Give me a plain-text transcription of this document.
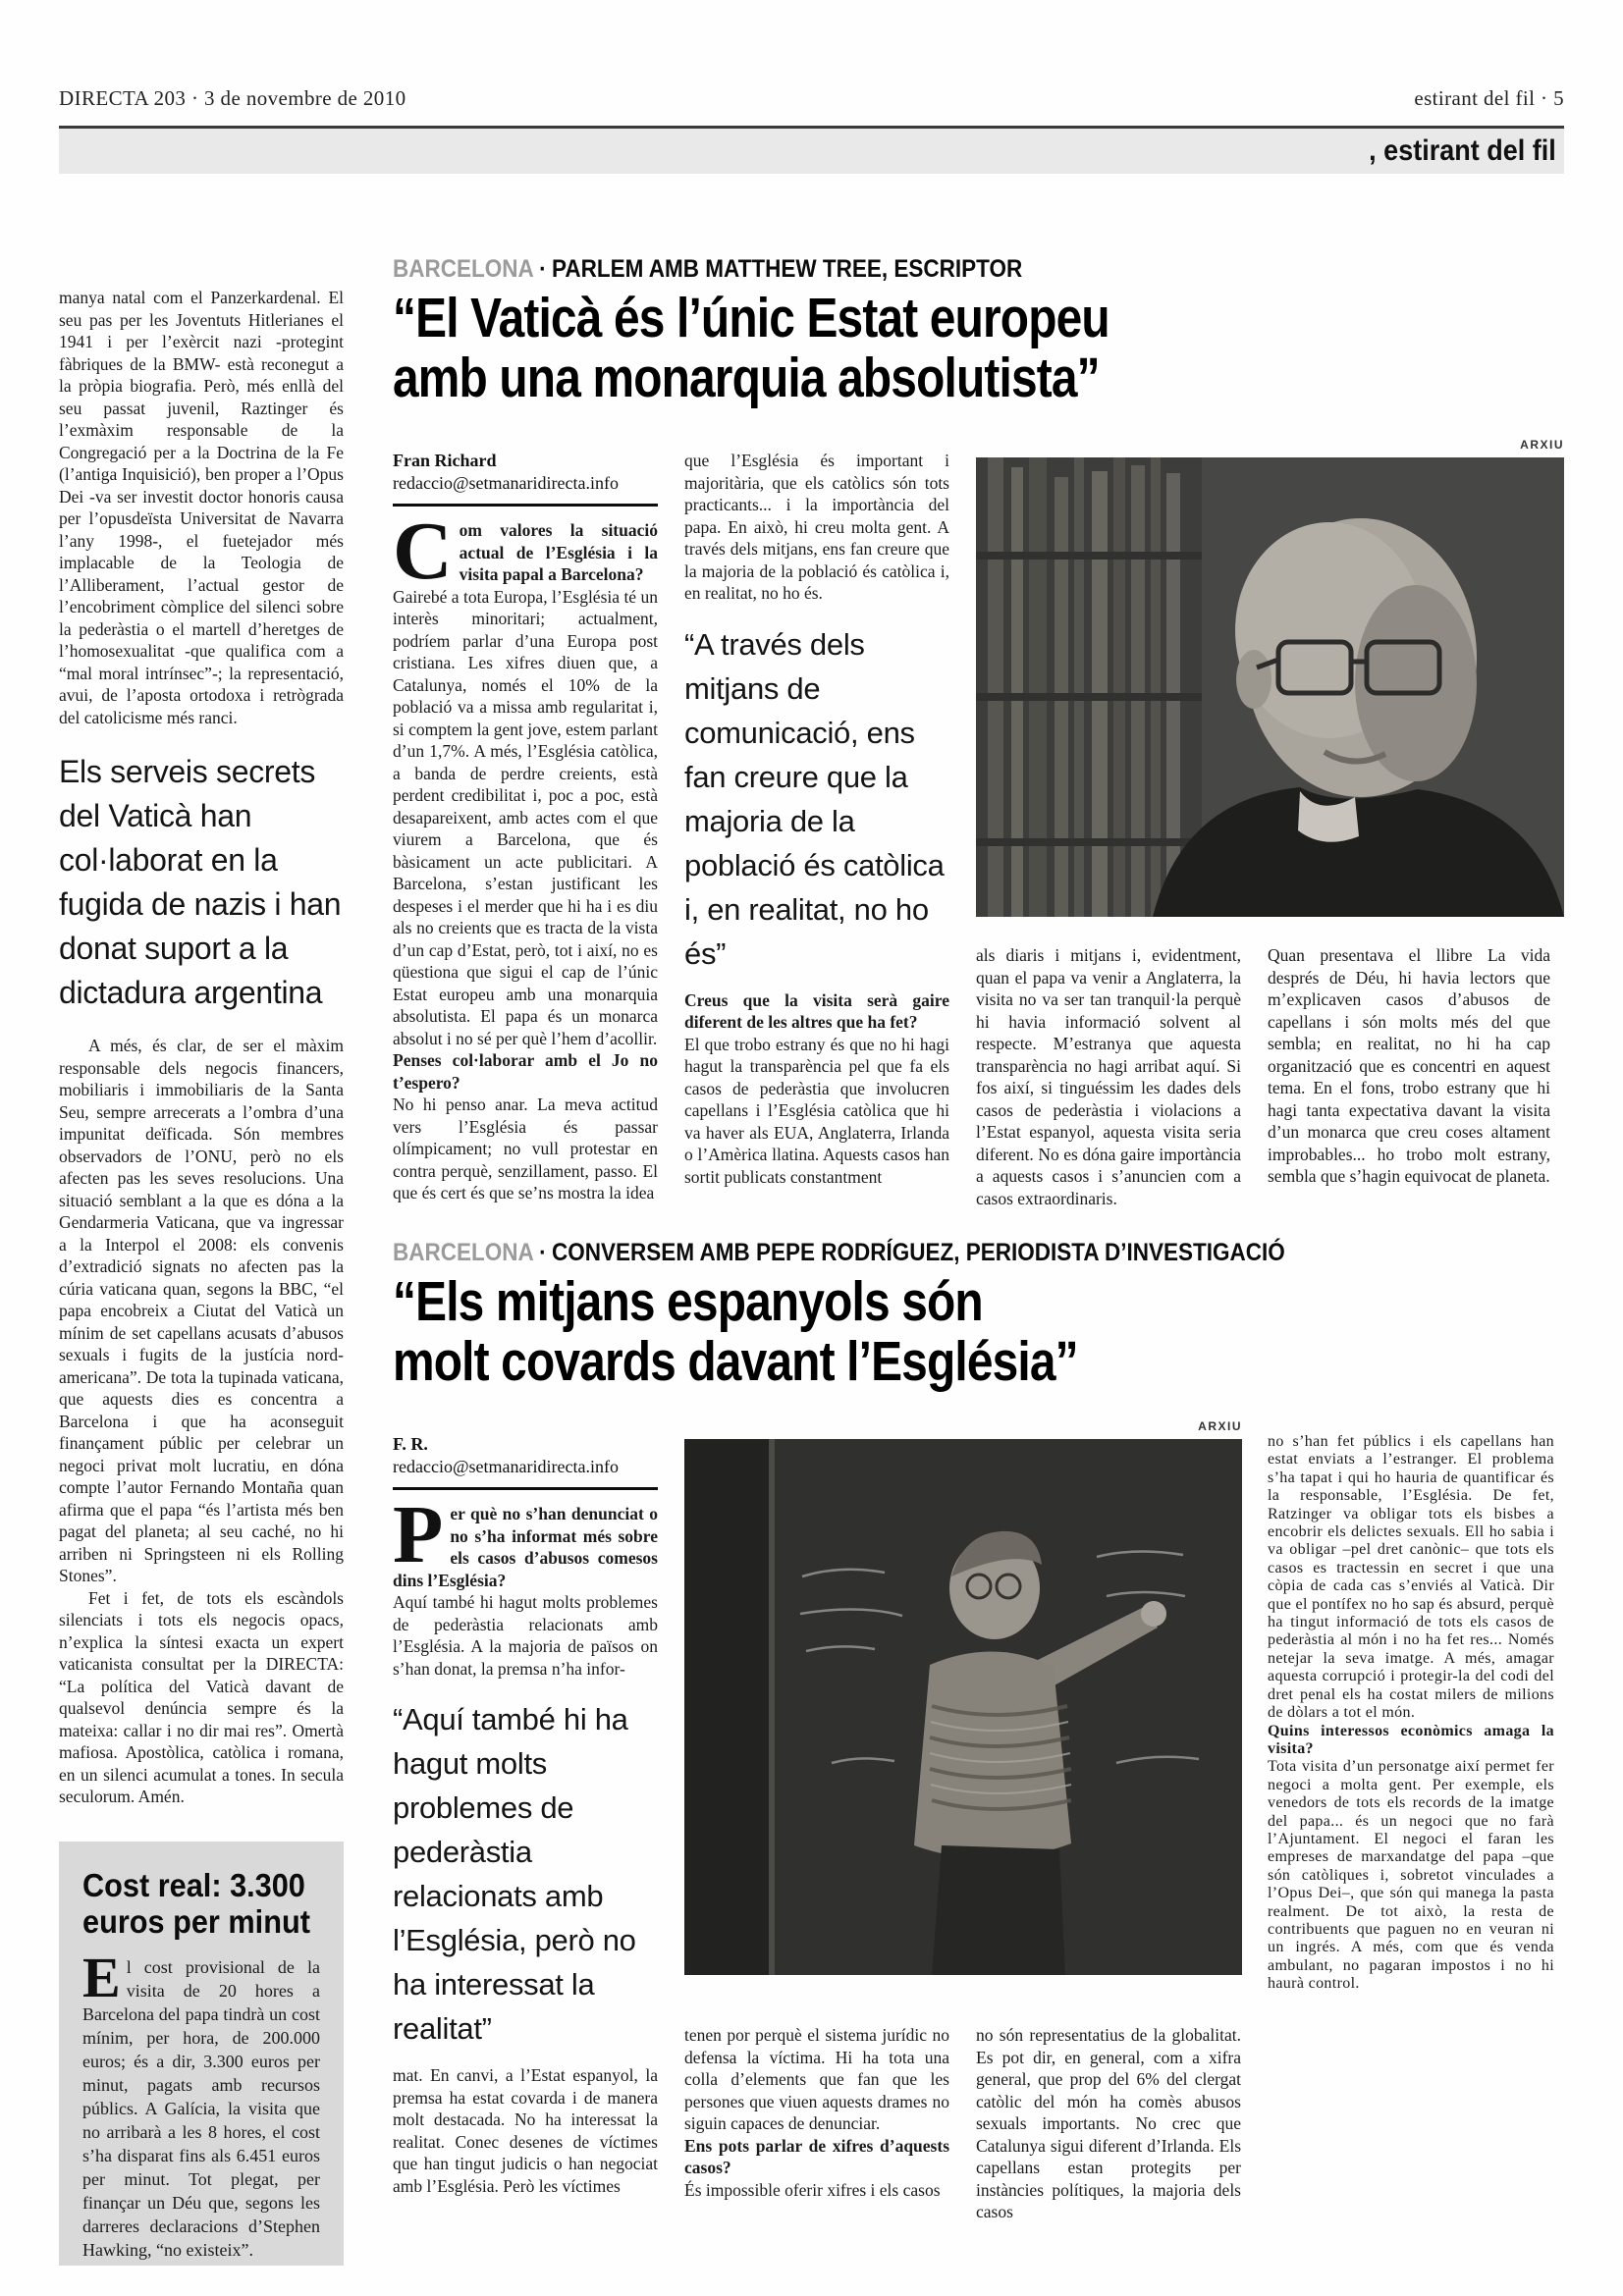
DIRECTA 203 · 3 de novembre de 2010	estirant del fil · 5
, estirant del fil

manya natal com el Panzerkardenal. El seu pas per les Joventuts Hitlerianes el 1941 i per l’exèrcit nazi -protegint fàbriques de la BMW- està reconegut a la pròpia biografia. Però, més enllà del seu passat juvenil, Raztinger és l’exmàxim responsable de la Congregació per a la Doctrina de la Fe (l’antiga Inquisició), ben proper a l’Opus Dei -va ser investit doctor honoris causa per l’opusdeïsta Universitat de Navarra l’any 1998-, el fuetejador més implacable de la Teologia de l’Alliberament, l’actual gestor de l’encobriment còmplice del silenci sobre la pederàstia o el martell d’heretges de l’homosexualitat -que qualifica com a “mal moral intrínsec”-; la representació, avui, de l’aposta ortodoxa i retrògrada del catolicisme més ranci.

Els serveis secrets del Vaticà han col·laborat en la fugida de nazis i han donat suport a la dictadura argentina

A més, és clar, de ser el màxim responsable dels negocis financers, mobiliaris i immobiliaris de la Santa Seu, sempre arrecerats a l’ombra d’una impunitat deïficada. Són membres observadors de l’ONU, però no els afecten pas les seves resolucions. Una situació semblant a la que es dóna a la Gendarmeria Vaticana, que va ingressar a la Interpol el 2008: els convenis d’extradició signats no afecten pas la cúria vaticana quan, segons la BBC, “el papa encobreix a Ciutat del Vaticà un mínim de set capellans acusats d’abusos sexuals i fugits de la justícia nord-americana”. De tota la tupinada vaticana, que aquests dies es concentra a Barcelona i que ha aconseguit finançament públic per celebrar un negoci privat molt lucratiu, en dóna compte l’autor Fernando Montaña quan afirma que el papa “és l’artista més ben pagat del planeta; al seu caché, no hi arriben ni Springsteen ni els Rolling Stones”.

Fet i fet, de tots els escàndols silenciats i tots els negocis opacs, n’explica la síntesi exacta un expert vaticanista consultat per la DIRECTA: “La política del Vaticà davant de qualsevol denúncia sempre és la mateixa: callar i no dir mai res”. Omertà mafiosa. Apostòlica, catòlica i romana, en un silenci acumulat a tones. In secula seculorum. Amén.

Cost real: 3.300
euros per minut
El cost provisional de la visita de 20 hores a Barcelona del papa tindrà un cost mínim, per hora, de 200.000 euros; és a dir, 3.300 euros per minut, pagats amb recursos públics. A Galícia, la visita que no arribarà a les 8 hores, el cost s’ha disparat fins als 6.451 euros per minut. Tot plegat, per finançar un Déu que, segons les darreres declaracions d’Stephen Hawking, “no existeix”.
BARCELONA · PARLEM AMB MATTHEW TREE, ESCRIPTOR
“El Vaticà és l’únic Estat europeu
amb una monarquia absolutista”
Fran Richard
redaccio@setmanaridirecta.info

Com valores la situació actual de l’Església i la visita papal a Barcelona?

Gairebé a tota Europa, l’Església té un interès minoritari; actualment, podríem parlar d’una Europa post cristiana. Les xifres diuen que, a Catalunya, només el 10% de la població va a missa amb regularitat i, si comptem la gent jove, estem parlant d’un 1,7%. A més, l’Església catòlica, a banda de perdre creients, està perdent credibilitat i, poc a poc, està desapareixent, amb actes com el que viurem a Barcelona, que és bàsicament un acte publicitari. A Barcelona, s’estan justificant les despeses i el merder que hi ha i es diu als no creients que es tracta de la vista d’un cap d’Estat, però, tot i així, no es qüestiona que sigui el cap de l’únic Estat europeu amb una monarquia absolutista. El papa és un monarca absolut i no sé per què l’hem d’acollir.

Penses col·laborar amb el Jo no t’espero?

No hi penso anar. La meva actitud vers l’Església és passar olímpicament; no vull protestar en contra perquè, senzillament, passo. El que és cert és que se’ns mostra la idea

que l’Església és important i majoritària, que els catòlics són tots practicants... i la importància del papa. En això, hi creu molta gent. A través dels mitjans, ens fan creure que la majoria de la població és catòlica i, en realitat, no ho és.

“A través dels mitjans de comunicació, ens fan creure que la majoria de la població és catòlica i, en realitat, no ho és”

Creus que la visita serà gaire diferent de les altres que ha fet?

El que trobo estrany és que no hi hagi hagut la transparència pel que fa els casos de pederàstia que involucren capellans i l’Església catòlica que hi va haver als EUA, Anglaterra, Irlanda o l’Amèrica llatina. Aquests casos han sortit publicats constantment

ARXIU

als diaris i mitjans i, evidentment, quan el papa va venir a Anglaterra, la visita no va ser tan tranquil·la perquè hi havia informació solvent al respecte. M’estranya que aquesta transparència no hagi arribat aquí. Si fos així, si tinguéssim les dades dels casos de pederàstia i violacions a l’Estat espanyol, aquesta visita seria diferent. No es dóna gaire importància a aquests casos i s’anuncien com a casos extraordinaris.

Quan presentava el llibre La vida després de Déu, hi havia lectors que m’explicaven casos d’abusos de capellans i són molts més del que sembla; en realitat, no hi ha cap organització que es concentri en aquest tema. En el fons, trobo estrany que hi hagi tanta expectativa davant la visita d’un monarca que creu coses altament improbables... ho trobo molt estrany, sembla que s’hagin equivocat de planeta.

BARCELONA · CONVERSEM AMB PEPE RODRÍGUEZ, PERIODISTA D’INVESTIGACIÓ
“Els mitjans espanyols són
molt covards davant l’Església”
F. R.
redaccio@setmanaridirecta.info

Per què no s’han denunciat o no s’ha informat més sobre els casos d’abusos comesos dins l’Església?

Aquí també hi hagut molts problemes de pederàstia relacionats amb l’Església. A la majoria de països on s’han donat, la premsa n’ha infor-

“Aquí també hi ha hagut molts problemes de pederàstia relacionats amb l’Església, però no ha interessat la realitat”

mat. En canvi, a l’Estat espanyol, la premsa ha estat covarda i de manera molt destacada. No ha interessat la realitat. Conec desenes de víctimes que han tingut judicis o han negociat amb l’Església. Però les víctimes

ARXIU

tenen por perquè el sistema jurídic no defensa la víctima. Hi ha tota una colla d’elements que fan que les persones que viuen aquests drames no siguin capaces de denunciar.

Ens pots parlar de xifres d’aquests casos?

És impossible oferir xifres i els casos

no són representatius de la globalitat. Es pot dir, en general, com a xifra general, que prop del 6% del clergat catòlic del món ha comès abusos sexuals importants. No crec que Catalunya sigui diferent d’Irlanda. Els capellans estan protegits per instàncies polítiques, la majoria dels casos

no s’han fet públics i els capellans han estat enviats a l’estranger. El problema s’ha tapat i qui ho hauria de quantificar és la responsable, l’Església. De fet, Ratzinger va obligar tots els bisbes a encobrir els delictes sexuals. Ell ho sabia i va obligar –pel dret canònic– que tots els casos es tractessin en secret i que una còpia de cada cas s’enviés al Vaticà. Dir que el pontífex no ho sap és absurd, perquè ha tingut informació de tots els casos de pederàstia al món i no ha fet res... Només netejar la seva imatge. A més, amagar aquesta corrupció i protegir-la del codi del dret penal els ha costat milers de milions de dòlars a tot el món.

Quins interessos econòmics amaga la visita?

Tota visita d’un personatge així permet fer negoci a molta gent. Per exemple, els venedors de tots els records de la imatge del papa... és un negoci que no farà l’Ajuntament. El negoci el faran les empreses de marxandatge del papa –que són catòliques i, sobretot vinculades a l’Opus Dei–, que són qui manega la pasta realment. De tot això, la resta de contribuents que paguen no en veuran ni un ingrés. A més, com que és venda ambulant, no pagaran impostos i no hi haurà control.
